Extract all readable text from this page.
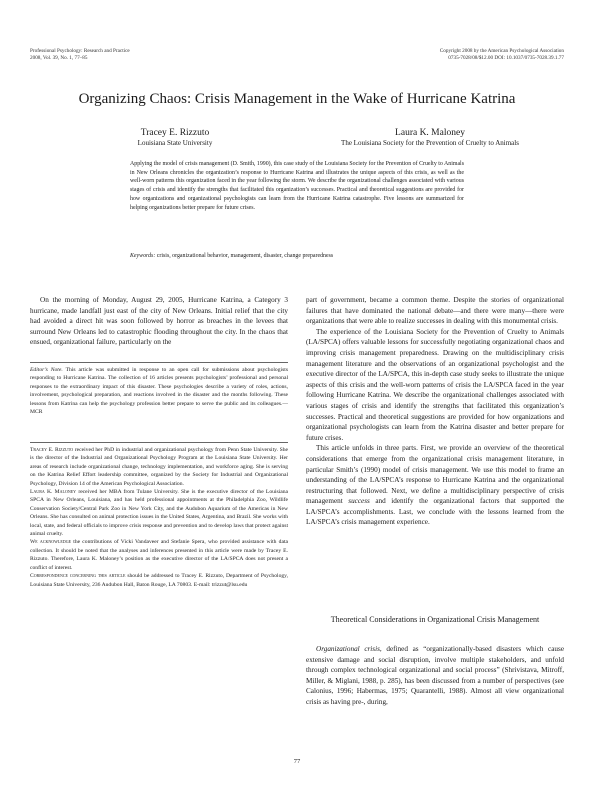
Professional Psychology: Research and Practice
2008, Vol. 39, No. 1, 77–85
Copyright 2008 by the American Psychological Association
0735-7028/08/$12.00 DOI: 10.1037/0735-7028.39.1.77
Organizing Chaos: Crisis Management in the Wake of Hurricane Katrina
Tracey E. Rizzuto
Louisiana State University
Laura K. Maloney
The Louisiana Society for the Prevention of Cruelty to Animals
Applying the model of crisis management (D. Smith, 1990), this case study of the Louisiana Society for the Prevention of Cruelty to Animals in New Orleans chronicles the organization’s response to Hurricane Katrina and illustrates the unique aspects of this crisis, as well as the well-worn patterns this organization faced in the year following the storm. We describe the organizational challenges associated with various stages of crisis and identify the strengths that facilitated this organization’s successes. Practical and theoretical suggestions are provided for how organizations and organizational psychologists can learn from the Hurricane Katrina catastrophe. Five lessons are summarized for helping organizations better prepare for future crises.
Keywords: crisis, organizational behavior, management, disaster, change preparedness

On the morning of Monday, August 29, 2005, Hurricane Katrina, a Category 3 hurricane, made landfall just east of the city of New Orleans. Initial relief that the city had avoided a direct hit was soon followed by horror as breaches in the levees that surround New Orleans led to catastrophic flooding throughout the city. In the chaos that ensued, organizational failure, particularly on the

Editor’s Note. This article was submitted in response to an open call for submissions about psychologists responding to Hurricane Katrina. The collection of 16 articles presents psychologists’ professional and personal responses to the extraordinary impact of this disaster. These psychologies describe a variety of roles, actions, involvement, psychological preparation, and reactions involved in the disaster and the months following. These lessons from Katrina can help the psychology profession better prepare to serve the public and its colleagues.—MCR

Tracey E. Rizzuto received her PhD in industrial and organizational psychology from Penn State University. She is the director of the Industrial and Organizational Psychology Program at the Louisiana State University. Her areas of research include organizational change, technology implementation, and workforce aging. She is serving on the Katrina Relief Effort leadership committee, organized by the Society for Industrial and Organizational Psychology, Division 14 of the American Psychological Association.

Laura K. Maloney received her MBA from Tulane University. She is the executive director of the Louisiana SPCA in New Orleans, Louisiana, and has held professional appointments at the Philadelphia Zoo, Wildlife Conservation Society/Central Park Zoo in New York City, and the Audubon Aquarium of the Americas in New Orleans. She has consulted on animal protection issues in the United States, Argentina, and Brazil. She works with local, state, and federal officials to improve crisis response and prevention and to develop laws that protect against animal cruelty.

We acknowledge the contributions of Vicki Vandaveer and Stefanie Spera, who provided assistance with data collection. It should be noted that the analyses and inferences presented in this article were made by Tracey E. Rizzuto. Therefore, Laura K. Maloney’s position as the executive director of the LA/SPCA does not present a conflict of interest.

Correspondence concerning this article should be addressed to Tracey E. Rizzuto, Department of Psychology, Louisiana State University, 236 Audubon Hall, Baton Rouge, LA 70803. E-mail: trizzut@lsu.edu

part of government, became a common theme. Despite the stories of organizational failures that have dominated the national debate—and there were many—there were organizations that were able to realize successes in dealing with this monumental crisis.

The experience of the Louisiana Society for the Prevention of Cruelty to Animals (LA/SPCA) offers valuable lessons for successfully negotiating organizational chaos and improving crisis management preparedness. Drawing on the multidisciplinary crisis management literature and the observations of an organizational psychologist and the executive director of the LA/SPCA, this in-depth case study seeks to illustrate the unique aspects of this crisis and the well-worn patterns of crisis the LA/SPCA faced in the year following Hurricane Katrina. We describe the organizational challenges associated with various stages of crisis and identify the strengths that facilitated this organization’s successes. Practical and theoretical suggestions are provided for how organizations and organizational psychologists can learn from the Katrina disaster and better prepare for future crises.

This article unfolds in three parts. First, we provide an overview of the theoretical considerations that emerge from the organizational crisis management literature, in particular Smith’s (1990) model of crisis management. We use this model to frame an understanding of the LA/SPCA’s response to Hurricane Katrina and the organizational restructuring that followed. Next, we define a multidisciplinary perspective of crisis management success and identify the organizational factors that supported the LA/SPCA’s accomplishments. Last, we conclude with the lessons learned from the LA/SPCA’s crisis management experience.

Theoretical Considerations in Organizational Crisis Management

Organizational crisis, defined as “organizationally-based disasters which cause extensive damage and social disruption, involve multiple stakeholders, and unfold through complex technological organizational and social process” (Shrivistava, Mitroff, Miller, & Miglani, 1988, p. 285), has been discussed from a number of perspectives (see Calonius, 1996; Habermas, 1975; Quarantelli, 1988). Almost all view organizational crisis as having pre-, during,

77
